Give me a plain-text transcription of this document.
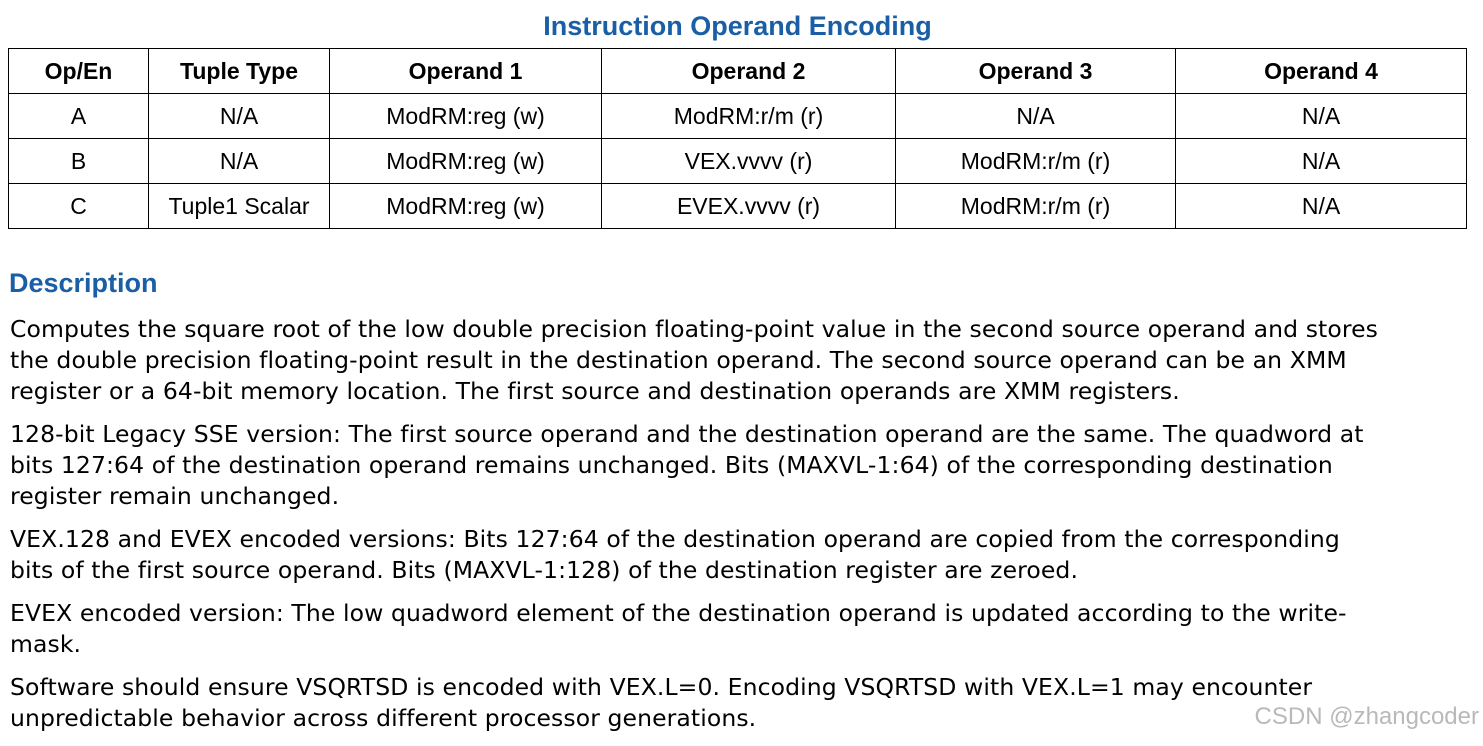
Instruction Operand Encoding
Op/En	Tuple Type	Operand 1	Operand 2	Operand 3	Operand 4
A	N/A	ModRM:reg (w)	ModRM:r/m (r)	N/A	N/A
B	N/A	ModRM:reg (w)	VEX.vvvv (r)	ModRM:r/m (r)	N/A
C	Tuple1 Scalar	ModRM:reg (w)	EVEX.vvvv (r)	ModRM:r/m (r)	N/A
Description

Computes the square root of the low double precision floating-point value in the second source operand and stores
the double precision floating-point result in the destination operand. The second source operand can be an XMM
register or a 64-bit memory location. The first source and destination operands are XMM registers.

128-bit Legacy SSE version: The first source operand and the destination operand are the same. The quadword at
bits 127:64 of the destination operand remains unchanged. Bits (MAXVL-1:64) of the corresponding destination
register remain unchanged.

VEX.128 and EVEX encoded versions: Bits 127:64 of the destination operand are copied from the corresponding
bits of the first source operand. Bits (MAXVL-1:128) of the destination register are zeroed.

EVEX encoded version: The low quadword element of the destination operand is updated according to the write-
mask.

Software should ensure VSQRTSD is encoded with VEX.L=0. Encoding VSQRTSD with VEX.L=1 may encounter
unpredictable behavior across different processor generations.	CSDN @zhangcoder
